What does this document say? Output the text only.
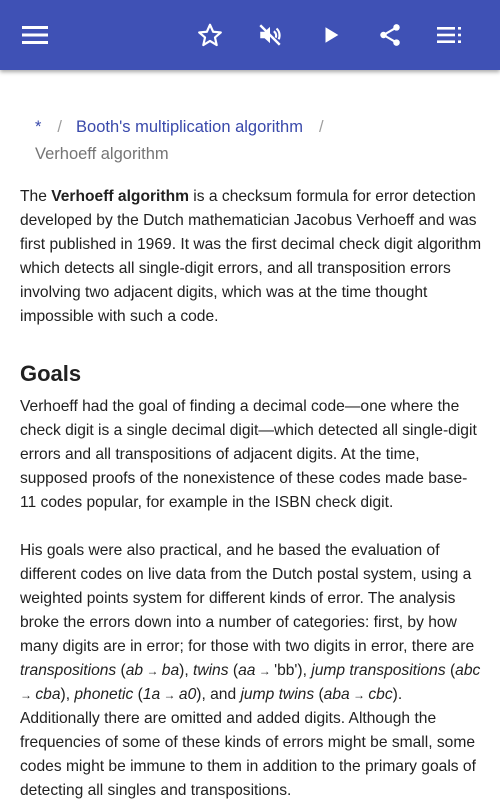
* / Booth's multiplication algorithm /
Verhoeff algorithm

The Verhoeff algorithm is a checksum formula for error detection developed by the Dutch mathematician Jacobus Verhoeff and was first published in 1969. It was the first decimal check digit algorithm which detects all single-digit errors, and all transposition errors involving two adjacent digits, which was at the time thought impossible with such a code.

Goals

Verhoeff had the goal of finding a decimal code—one where the check digit is a single decimal digit—which detected all single-digit errors and all transpositions of adjacent digits. At the time, supposed proofs of the nonexistence of these codes made base-11 codes popular, for example in the ISBN check digit.

His goals were also practical, and he based the evaluation of different codes on live data from the Dutch postal system, using a weighted points system for different kinds of error. The analysis broke the errors down into a number of categories: first, by how many digits are in error; for those with two digits in error, there are transpositions (ab → ba), twins (aa → 'bb'), jump transpositions (abc → cba), phonetic (1a → a0), and jump twins (aba → cbc). Additionally there are omitted and added digits. Although the frequencies of some of these kinds of errors might be small, some codes might be immune to them in addition to the primary goals of detecting all singles and transpositions.
